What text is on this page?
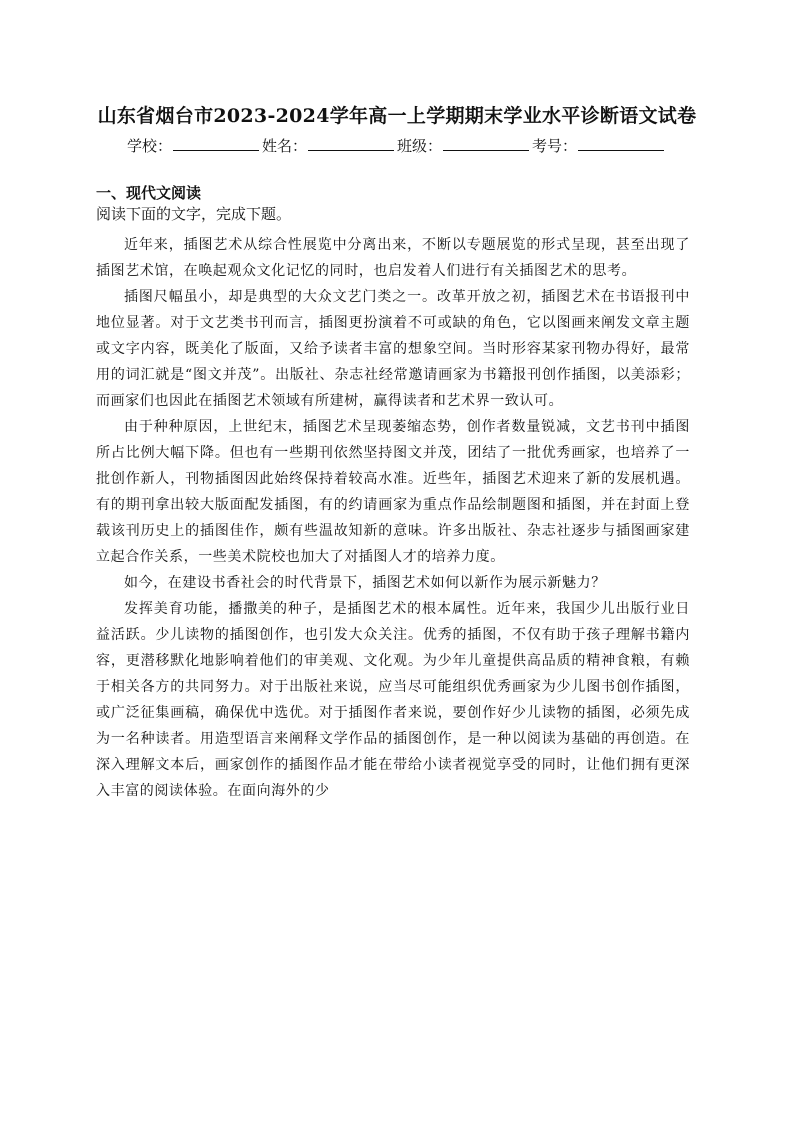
山东省烟台市2023-2024学年高一上学期期末学业水平诊断语文试卷
学校：	姓名：	班级：	考号：
一、现代文阅读
阅读下面的文字，完成下题。

近年来，插图艺术从综合性展览中分离出来，不断以专题展览的形式呈现，甚至出现了插图艺术馆，在唤起观众文化记忆的同时，也启发着人们进行有关插图艺术的思考。

插图尺幅虽小，却是典型的大众文艺门类之一。改革开放之初，插图艺术在书语报刊中地位显著。对于文艺类书刊而言，插图更扮演着不可或缺的角色，它以图画来阐发文章主题或文字内容，既美化了版面，又给予读者丰富的想象空间。当时形容某家刊物办得好，最常用的词汇就是“图文并茂”。出版社、杂志社经常邀请画家为书籍报刊创作插图，以美添彩；而画家们也因此在插图艺术领域有所建树，赢得读者和艺术界一致认可。

由于种种原因，上世纪末，插图艺术呈现萎缩态势，创作者数量锐减，文艺书刊中插图所占比例大幅下降。但也有一些期刊依然坚持图文并茂，团结了一批优秀画家，也培养了一批创作新人，刊物插图因此始终保持着较高水准。近些年，插图艺术迎来了新的发展机遇。有的期刊拿出较大版面配发插图，有的约请画家为重点作品绘制题图和插图，并在封面上登载该刊历史上的插图佳作，颇有些温故知新的意味。许多出版社、杂志社逐步与插图画家建立起合作关系，一些美术院校也加大了对插图人才的培养力度。

如今，在建设书香社会的时代背景下，插图艺术如何以新作为展示新魅力？

发挥美育功能，播撒美的种子，是插图艺术的根本属性。近年来，我国少儿出版行业日益活跃。少儿读物的插图创作，也引发大众关注。优秀的插图，不仅有助于孩子理解书籍内容，更潜移默化地影响着他们的审美观、文化观。为少年儿童提供高品质的精神食粮，有赖于相关各方的共同努力。对于出版社来说，应当尽可能组织优秀画家为少儿图书创作插图，或广泛征集画稿，确保优中选优。对于插图作者来说，要创作好少儿读物的插图，必须先成为一名种读者。用造型语言来阐释文学作品的插图创作，是一种以阅读为基础的再创造。在深入理解文本后，画家创作的插图作品才能在带给小读者视觉享受的同时，让他们拥有更深入丰富的阅读体验。在面向海外的少
